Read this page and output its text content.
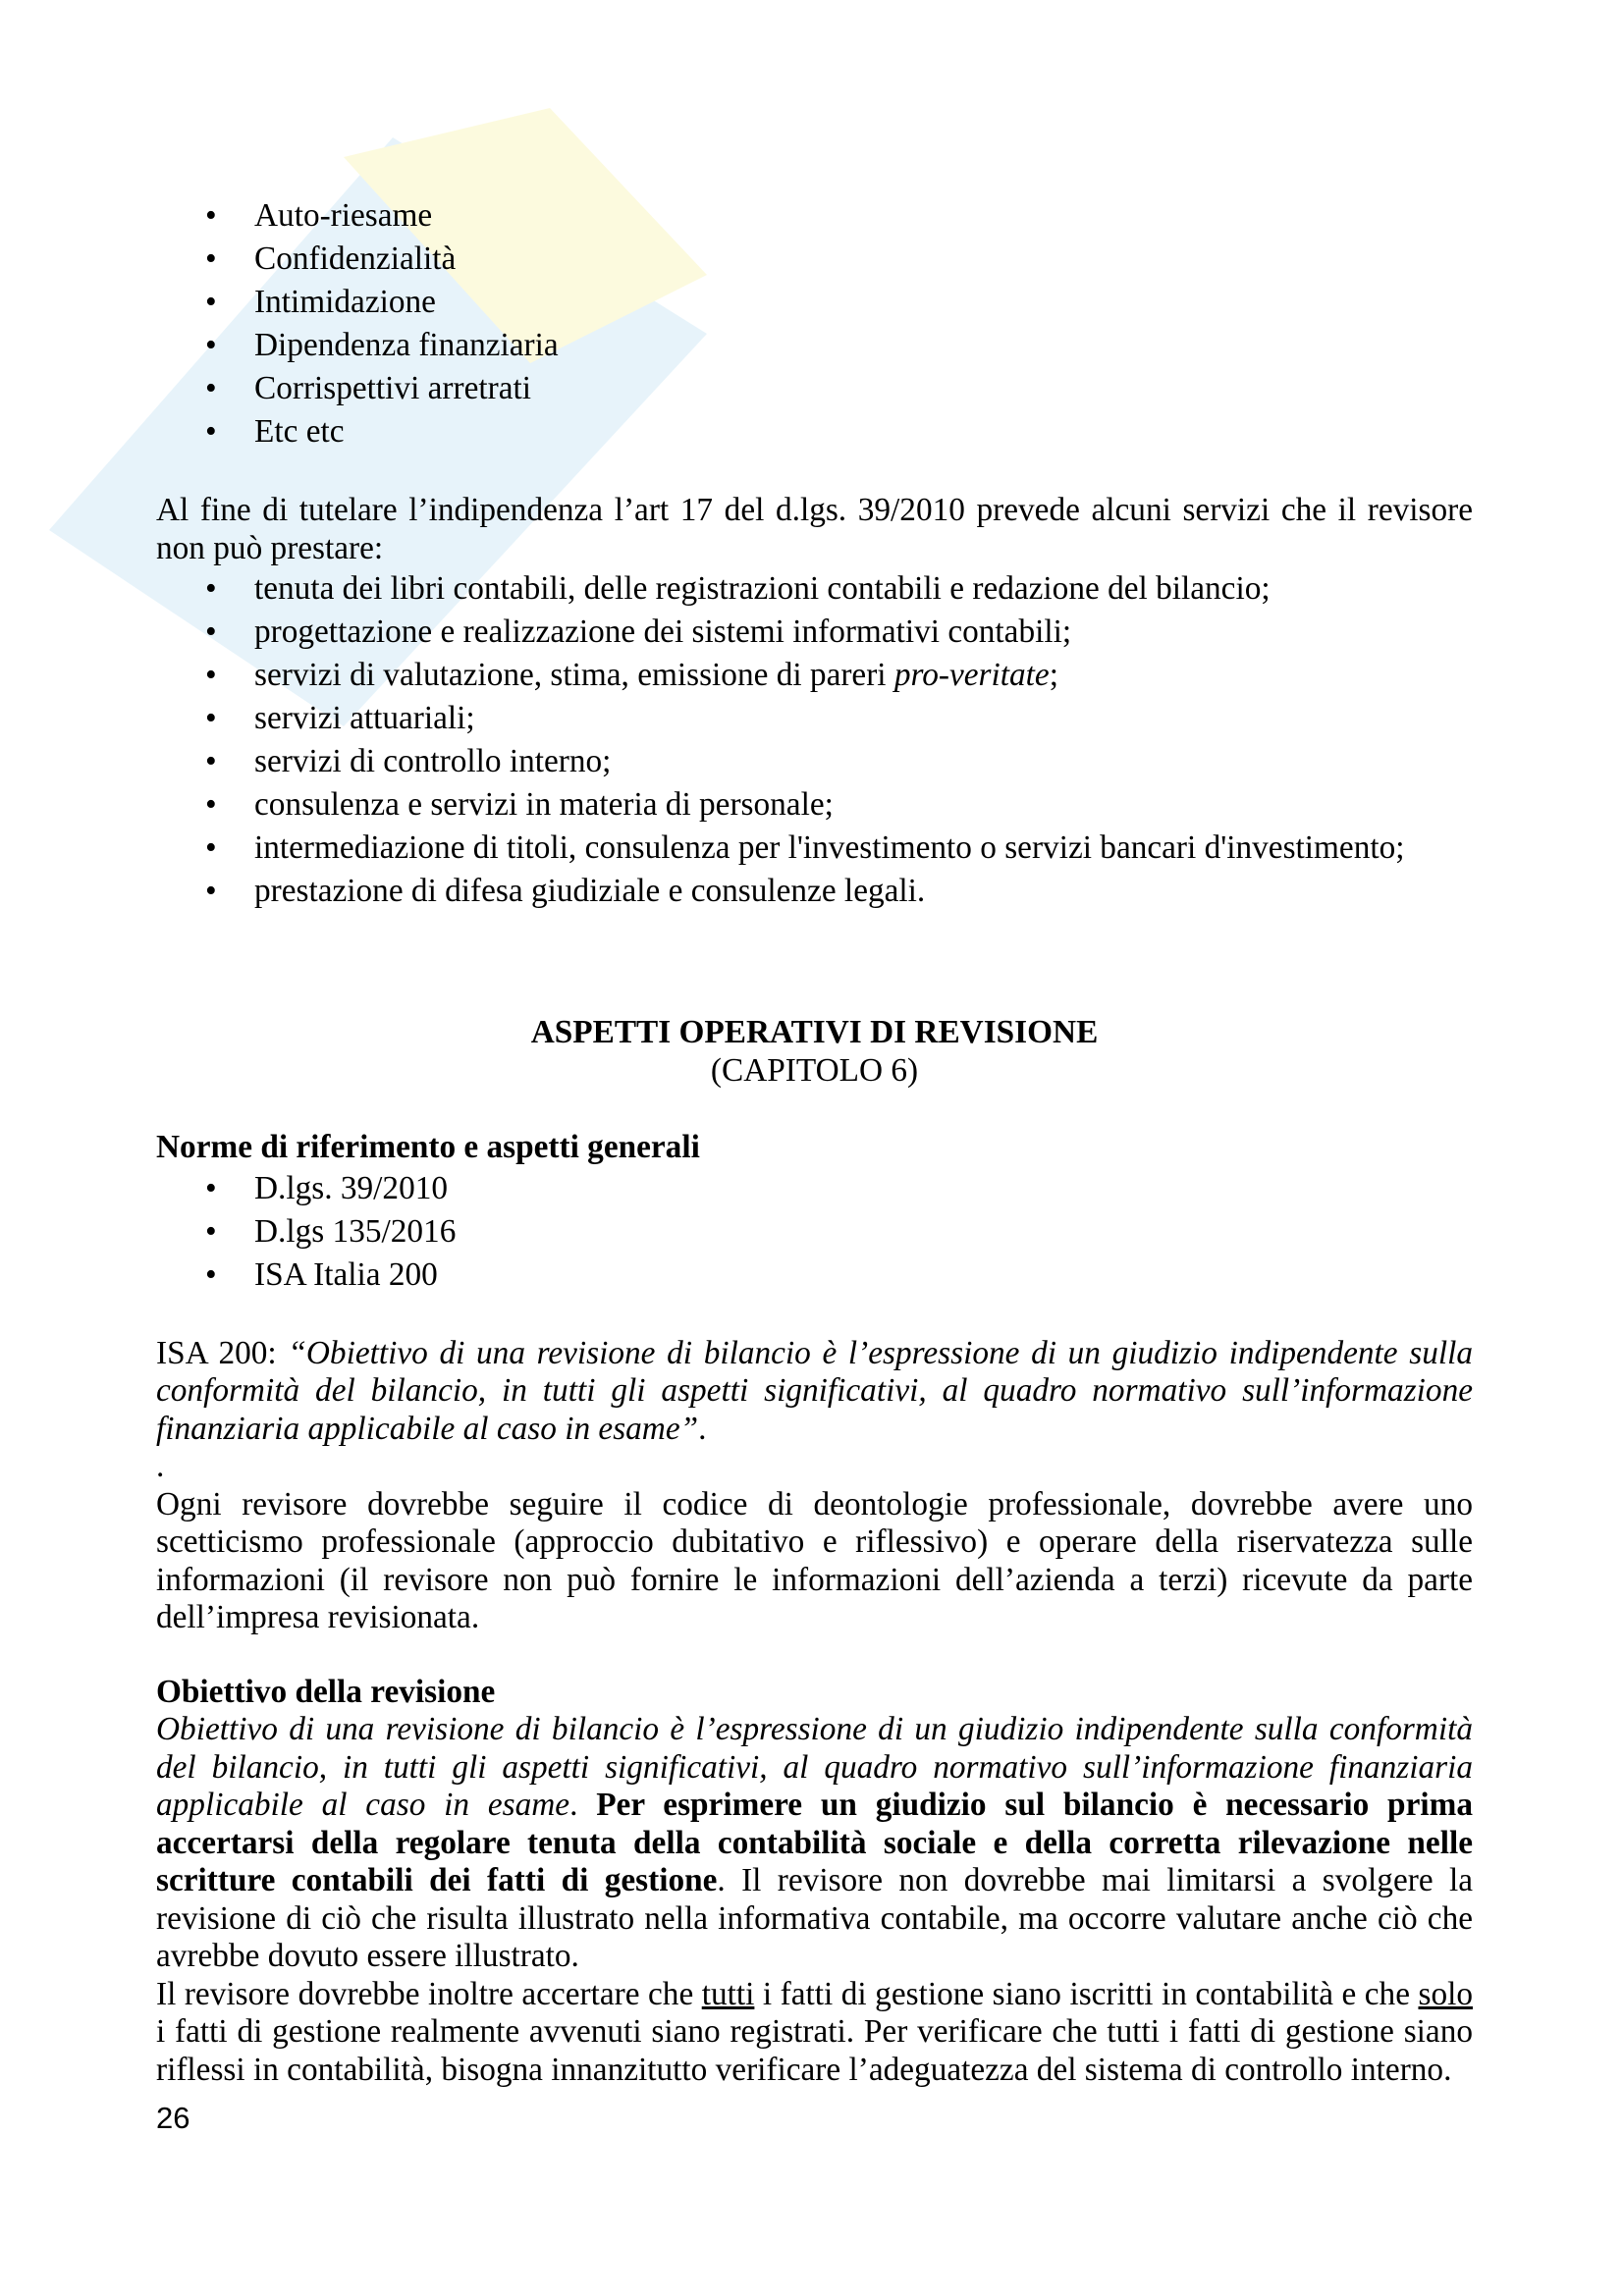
• Auto-riesame
• Confidenzialità
• Intimidazione
• Dipendenza finanziaria
• Corrispettivi arretrati
• Etc etc

Al fine di tutelare l’indipendenza l’art 17 del d.lgs. 39/2010 prevede alcuni servizi che il revisore non può prestare:

• tenuta dei libri contabili, delle registrazioni contabili e redazione del bilancio;
• progettazione e realizzazione dei sistemi informativi contabili;
• servizi di valutazione, stima, emissione di pareri pro-veritate;
• servizi attuariali;
• servizi di controllo interno;
• consulenza e servizi in materia di personale;
• intermediazione di titoli, consulenza per l'investimento o servizi bancari d'investimento;
• prestazione di difesa giudiziale e consulenze legali.
ASPETTI OPERATIVI DI REVISIONE
(CAPITOLO 6)
Norme di riferimento e aspetti generali
• D.lgs. 39/2010
• D.lgs 135/2016
• ISA Italia 200

ISA 200: “Obiettivo di una revisione di bilancio è l’espressione di un giudizio indipendente sulla conformità del bilancio, in tutti gli aspetti significativi, al quadro normativo sull’informazione finanziaria applicabile al caso in esame”.

.

Ogni revisore dovrebbe seguire il codice di deontologie professionale, dovrebbe avere uno scetticismo professionale (approccio dubitativo e riflessivo) e operare della riservatezza sulle informazioni (il revisore non può fornire le informazioni dell’azienda a terzi) ricevute da parte dell’impresa revisionata.

Obiettivo della revisione

Obiettivo di una revisione di bilancio è l’espressione di un giudizio indipendente sulla conformità del bilancio, in tutti gli aspetti significativi, al quadro normativo sull’informazione finanziaria applicabile al caso in esame. Per esprimere un giudizio sul bilancio è necessario prima accertarsi della regolare tenuta della contabilità sociale e della corretta rilevazione nelle scritture contabili dei fatti di gestione. Il revisore non dovrebbe mai limitarsi a svolgere la revisione di ciò che risulta illustrato nella informativa contabile, ma occorre valutare anche ciò che avrebbe dovuto essere illustrato.

Il revisore dovrebbe inoltre accertare che tutti i fatti di gestione siano iscritti in contabilità e che solo i fatti di gestione realmente avvenuti siano registrati. Per verificare che tutti i fatti di gestione siano riflessi in contabilità, bisogna innanzitutto verificare l’adeguatezza del sistema di controllo interno.

26
